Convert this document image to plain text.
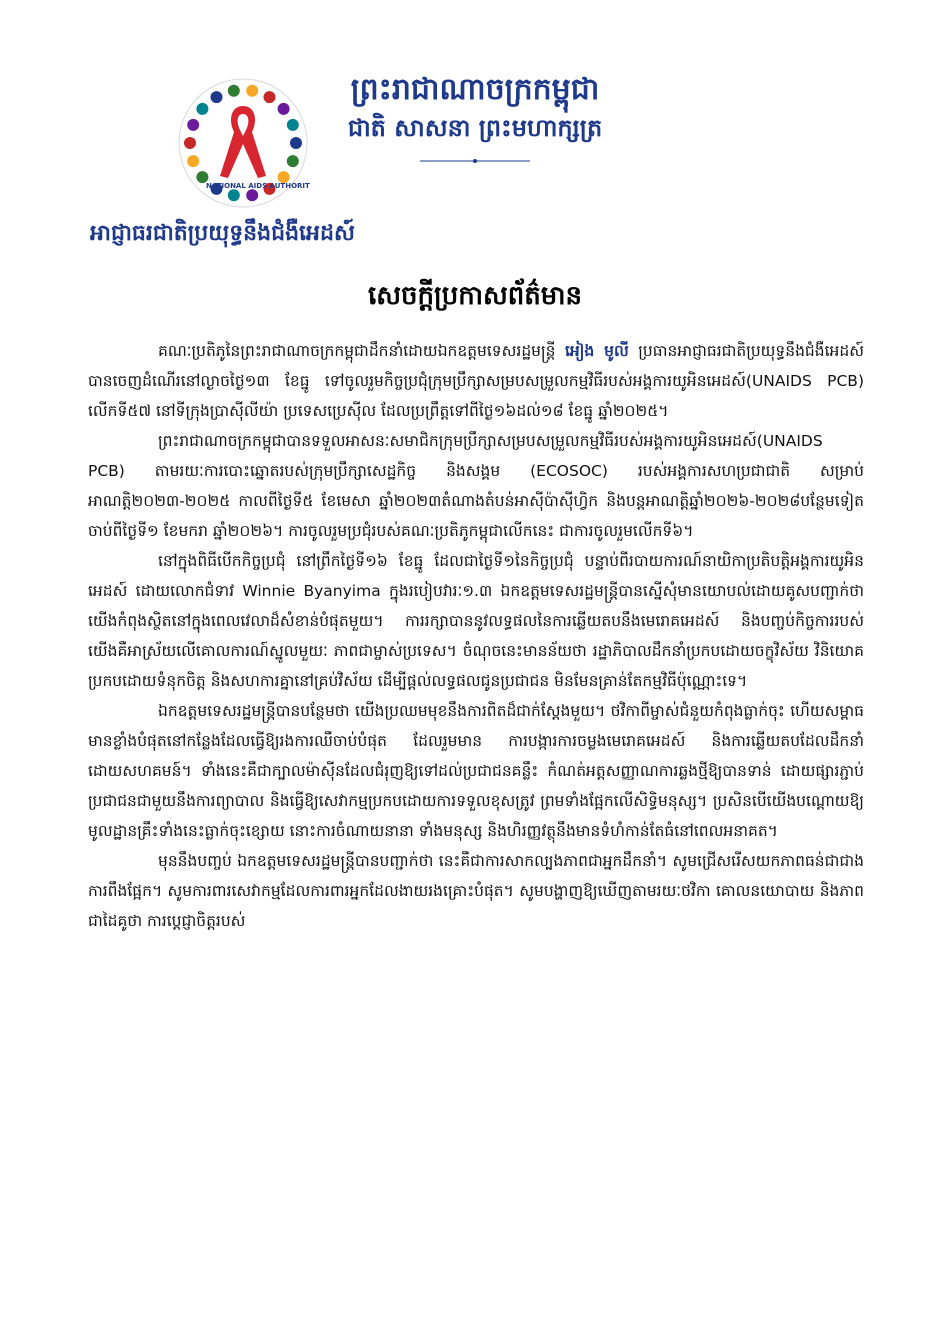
NATIONAL AIDS AUTHORITY
ព្រះរាជាណាចក្រកម្ពុជា
ជាតិ សាសនា ព្រះមហាក្សត្រ
អាជ្ញាធរជាតិប្រយុទ្ធនឹងជំងឺអេដស៍
សេចក្តីប្រកាសព័ត៌មាន

គណៈប្រតិភូនៃព្រះរាជាណាចក្រកម្ពុជាដឹកនាំដោយឯកឧត្តមទេសរដ្ឋមន្ត្រី អៀង មូលី ប្រធានអាជ្ញាធរជាតិប្រយុទ្ធនឹងជំងឺអេដស៍ បានចេញដំណើរនៅល្ងាចថ្ងៃ១៣ ខែធ្នូ ទៅចូលរួមកិច្ចប្រជុំក្រុមប្រឹក្សាសម្របសម្រួលកម្មវិធីរបស់អង្គការយូអិនអេដស៍(UNAIDS PCB) លើកទី៥៧ នៅទីក្រុងប្រាស៊ីលីយ៉ា ប្រទេសប្រេស៊ីល ដែលប្រព្រឹត្តទៅពីថ្ងៃ១៦ដល់១៨ ខែធ្នូ ឆ្នាំ២០២៥។

ព្រះរាជាណាចក្រកម្ពុជាបានទទួលអាសនៈសមាជិកក្រុមប្រឹក្សាសម្របសម្រួលកម្មវិធីរបស់អង្គការយូអិនអេដស៍(UNAIDS PCB) តាមរយៈការបោះឆ្នោតរបស់ក្រុមប្រឹក្សាសេដ្ឋកិច្ច និងសង្គម (ECOSOC) របស់អង្គការសហប្រជាជាតិ សម្រាប់អាណត្តិ២០២៣-២០២៥ កាលពីថ្ងៃទី៥ ខែមេសា ឆ្នាំ២០២៣តំណាងតំបន់អាស៊ីប៉ាស៊ីហ្វិក និងបន្តអាណត្តិឆ្នាំ២០២៦-២០២៨បន្ថែមទៀត ចាប់ពីថ្ងៃទី១ ខែមករា ឆ្នាំ២០២៦។ ការចូលរួមប្រជុំរបស់គណៈប្រតិភូកម្ពុជាលើកនេះ ជាការចូលរួមលើកទី៦។

នៅក្នុងពិធីបើកកិច្ចប្រជុំ នៅព្រឹកថ្ងៃទី១៦ ខែធ្នូ ដែលជាថ្ងៃទី១នៃកិច្ចប្រជុំ បន្ទាប់ពីរបាយការណ៍នាយិកាប្រតិបត្តិអង្គការយូអិនអេដស៍ ដោយលោកជំទាវ Winnie Byanyima ក្នុងរបៀបវារៈ១.៣ ឯកឧត្តមទេសរដ្ឋមន្ត្រីបានស្នើសុំមានយោបល់ដោយគូសបញ្ជាក់ថា យើងកំពុងស្ថិតនៅក្នុងពេលវេលាដ៏សំខាន់បំផុតមួយ។ ការរក្សាបាននូវលទ្ធផលនៃការឆ្លើយតបនឹងមេរោគអេដស៍ និងបញ្ចប់កិច្ចការរបស់យើងគឺអាស្រ័យលើគោលការណ៍ស្នូលមួយៈ ភាពជាម្ចាស់ប្រទេស។ ចំណុចនេះមានន័យថា រដ្ឋាភិបាលដឹកនាំប្រកបដោយចក្ខុវិស័យ វិនិយោគប្រកបដោយទំនុកចិត្ត និងសហការគ្នានៅគ្រប់វិស័យ ដើម្បីផ្តល់លទ្ធផលជូនប្រជាជន មិនមែនគ្រាន់តែកម្មវិធីប៉ុណ្ណោះទេ។

ឯកឧត្តមទេសរដ្ឋមន្ត្រីបានបន្ថែមថា យើងប្រឈមមុខនឹងការពិតដ៏ជាក់ស្តែងមួយ។ ថវិកាពីម្ចាស់ជំនួយកំពុងធ្លាក់ចុះ ហើយសម្ពាធមានខ្លាំងបំផុតនៅកន្លែងដែលធ្វើឱ្យរងការឈឺចាប់បំផុត ដែលរួមមាន ការបង្ការការចម្លងមេរោគអេដស៍ និងការឆ្លើយតបដែលដឹកនាំដោយសហគមន៍។ ទាំងនេះគឺជាក្បាលម៉ាស៊ីនដែលជំរុញឱ្យទៅដល់ប្រជាជនគន្លឹះ កំណត់អត្តសញ្ញាណការឆ្លងថ្មីឱ្យបានទាន់ ដោយផ្សារភ្ជាប់ប្រជាជនជាមួយនឹងការព្យាបាល និងធ្វើឱ្យសេវាកម្មប្រកបដោយការទទួលខុសត្រូវ ព្រមទាំងផ្អែកលើសិទ្ធិមនុស្ស។ ប្រសិនបើយើងបណ្តោយឱ្យមូលដ្ឋានគ្រឹះទាំងនេះធ្លាក់ចុះខ្សោយ នោះការចំណាយនានា ទាំងមនុស្ស និងហិរញ្ញវត្ថុនឹងមានទំហំកាន់តែធំនៅពេលអនាគត។

មុននឹងបញ្ចប់ ឯកឧត្តមទេសរដ្ឋមន្ត្រីបានបញ្ជាក់ថា នេះគឺជាការសាកល្បងភាពជាអ្នកដឹកនាំ។ សូមជ្រើសរើសយកភាពធន់ជាជាងការពឹងផ្អែក។ សូមការពារសេវាកម្មដែលការពារអ្នកដែលងាយរងគ្រោះបំផុត។ សូមបង្ហាញឱ្យឃើញតាមរយៈថវិកា គោលនយោបាយ និងភាពជាដៃគូថា ការប្តេជ្ញាចិត្តរបស់
